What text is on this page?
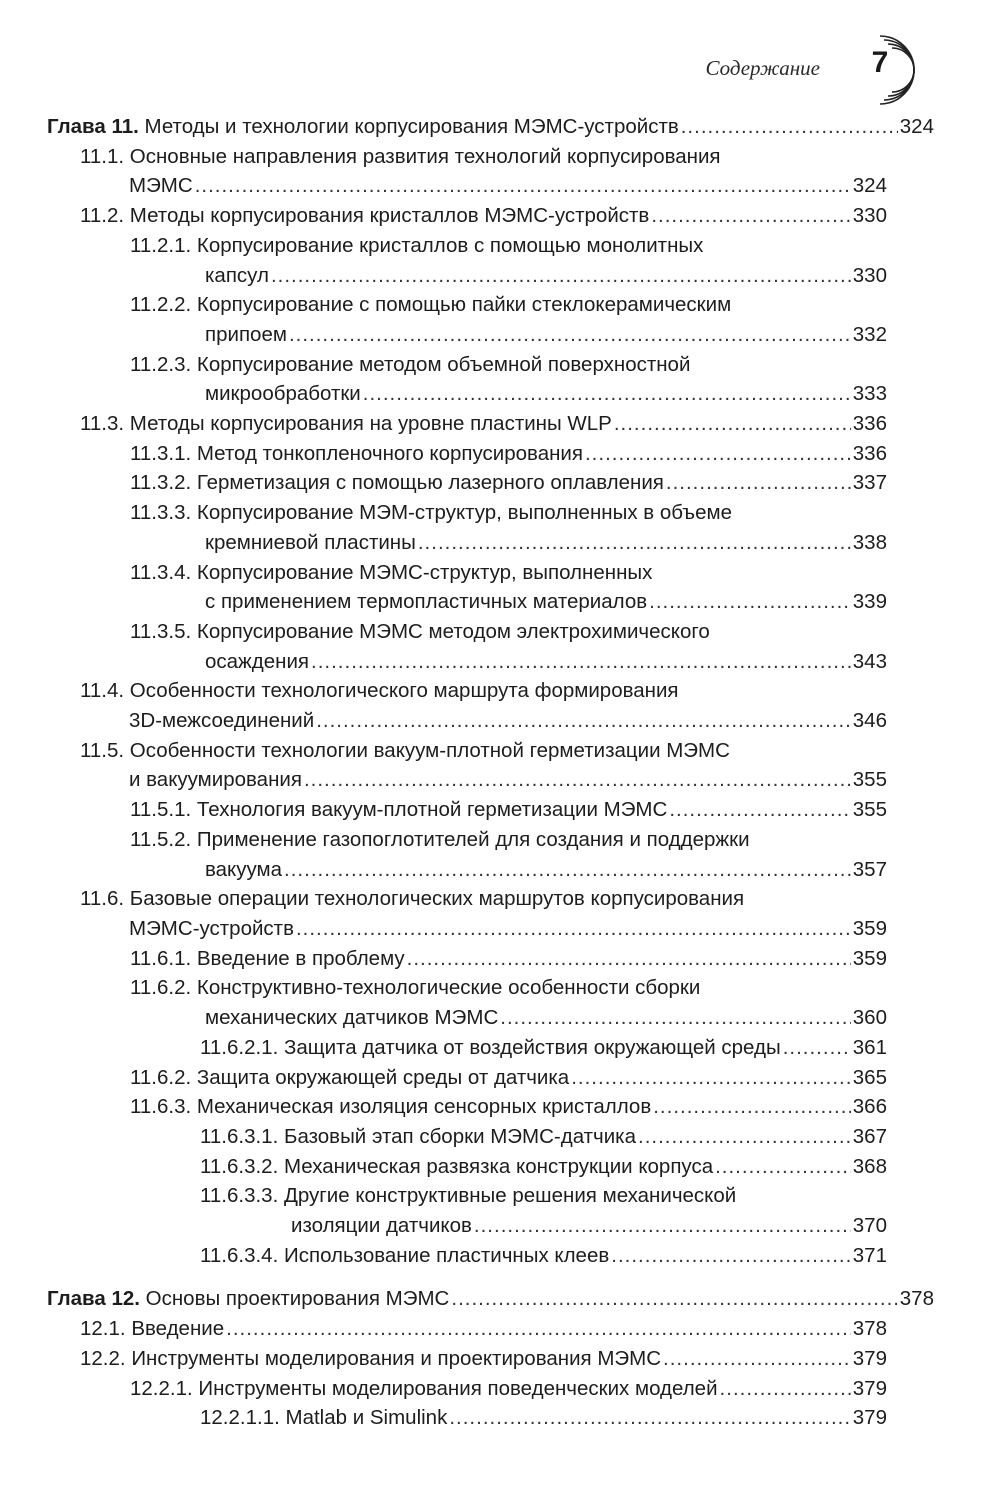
Содержание	7
Глава 11.
Методы и технологии корпусирования МЭМС-устройств .....	324
11.1. Основные направления развития технологий корпусирования
МЭМС .....	324
11.2.
Методы корпусирования кристаллов МЭМС-устройств .....	330
11.2.1. Корпусирование кристаллов с помощью монолитных
капсул .....	330
11.2.2. Корпусирование с помощью пайки стеклокерамическим
припоем .....	332
11.2.3. Корпусирование методом объемной поверхностной
микрообработки .....	333
11.3.
Методы корпусирования на уровне пластины WLP .....	336
11.3.1.
Метод тонкопленочного корпусирования .....	336
11.3.2.
Герметизация с помощью лазерного оплавления .....	337
11.3.3. Корпусирование МЭМ-структур, выполненных в объеме
кремниевой пластины .....	338
11.3.4. Корпусирование МЭМС-структур, выполненных
с применением термопластичных материалов .....	339
11.3.5. Корпусирование МЭМС методом электрохимического
осаждения .....	343
11.4. Особенности технологического маршрута формирования
3D-межсоединений .....	346
11.5. Особенности технологии вакуум-плотной герметизации МЭМС
и вакуумирования .....	355
11.5.1.
Технология вакуум-плотной герметизации МЭМС .....	355
11.5.2. Применение газопоглотителей для создания и поддержки
вакуума .....	357
11.6. Базовые операции технологических маршрутов корпусирования
МЭМС-устройств .....	359
11.6.1.
Введение в проблему .....	359
11.6.2. Конструктивно-технологические особенности сборки
механических датчиков МЭМС .....	360
11.6.2.1.
Защита датчика от воздействия окружающей среды .....	361
11.6.2.
Защита окружающей среды от датчика .....	365
11.6.3.
Механическая изоляция сенсорных кристаллов .....	366
11.6.3.1.
Базовый этап сборки МЭМС-датчика .....	367
11.6.3.2.
Механическая развязка конструкции корпуса .....	368
11.6.3.3. Другие конструктивные решения механической
изоляции датчиков .....	370
11.6.3.4.
Использование пластичных клеев .....	371
Глава 12.
Основы проектирования МЭМС .....	378
12.1.
Введение .....	378
12.2.
Инструменты моделирования и проектирования МЭМС .....	379
12.2.1.
Инструменты моделирования поведенческих моделей .....	379
12.2.1.1.
Matlab и Simulink .....	379
